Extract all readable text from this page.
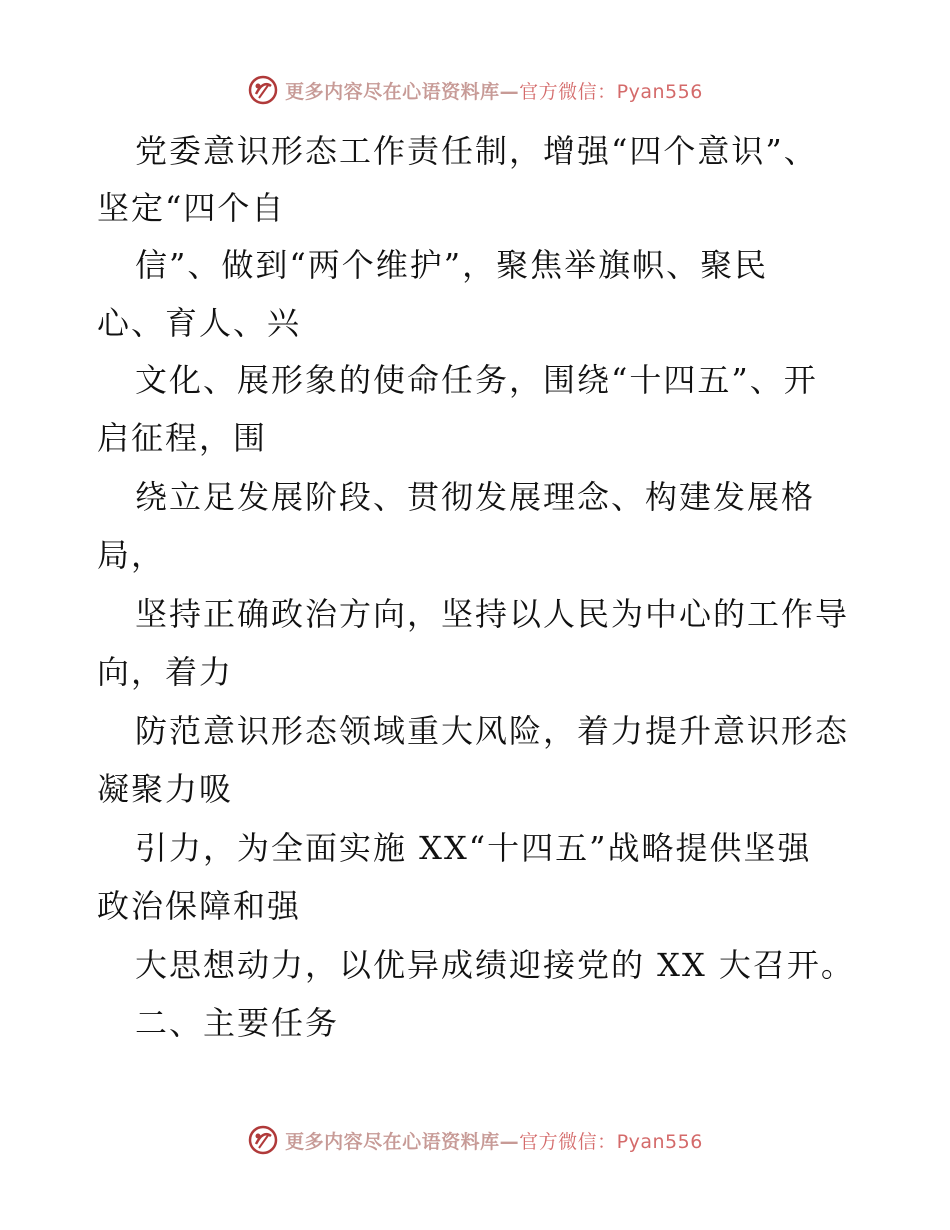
更多内容尽在心语资料库—官方微信：Pyan556
党委意识形态工作责任制，增强“四个意识”、
坚定“四个自
信”、做到“两个维护”，聚焦举旗帜、聚民
心、育人、兴
文化、展形象的使命任务，围绕“十四五”、开
启征程，围
绕立足发展阶段、贯彻发展理念、构建发展格
局，
坚持正确政治方向，坚持以人民为中心的工作导
向，着力
防范意识形态领域重大风险，着力提升意识形态
凝聚力吸
引力，为全面实施 XX“十四五”战略提供坚强
政治保障和强
大思想动力，以优异成绩迎接党的 XX 大召开。
二、主要任务
更多内容尽在心语资料库—官方微信：Pyan556
